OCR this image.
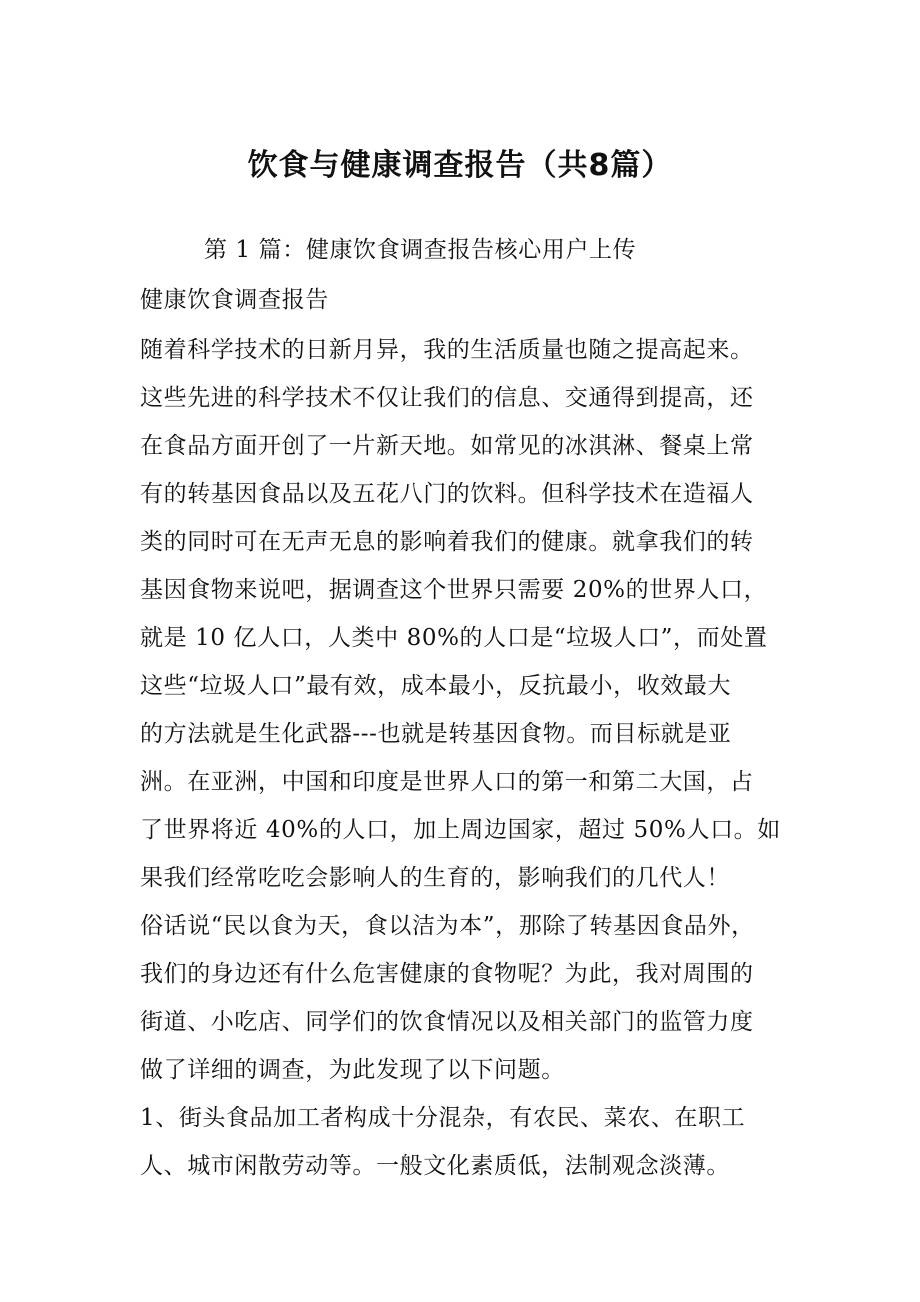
饮食与健康调查报告（共8篇）
第 1 篇：健康饮食调查报告核心用户上传
健康饮食调查报告
随着科学技术的日新月异，我的生活质量也随之提高起来。
这些先进的科学技术不仅让我们的信息、交通得到提高，还
在食品方面开创了一片新天地。如常见的冰淇淋、餐桌上常
有的转基因食品以及五花八门的饮料。但科学技术在造福人
类的同时可在无声无息的影响着我们的健康。就拿我们的转
基因食物来说吧，据调查这个世界只需要 20%的世界人口，
就是 10 亿人口，人类中 80%的人口是“垃圾人口”，而处置
这些“垃圾人口”最有效，成本最小，反抗最小，收效最大
的方法就是生化武器---也就是转基因食物。而目标就是亚
洲。在亚洲，中国和印度是世界人口的第一和第二大国，占
了世界将近 40%的人口，加上周边国家，超过 50%人口。如
果我们经常吃吃会影响人的生育的，影响我们的几代人！
俗话说“民以食为天，食以洁为本”，那除了转基因食品外，
我们的身边还有什么危害健康的食物呢？为此，我对周围的
街道、小吃店、同学们的饮食情况以及相关部门的监管力度
做了详细的调查，为此发现了以下问题。
1、街头食品加工者构成十分混杂，有农民、菜农、在职工
人、城市闲散劳动等。一般文化素质低，法制观念淡薄。
